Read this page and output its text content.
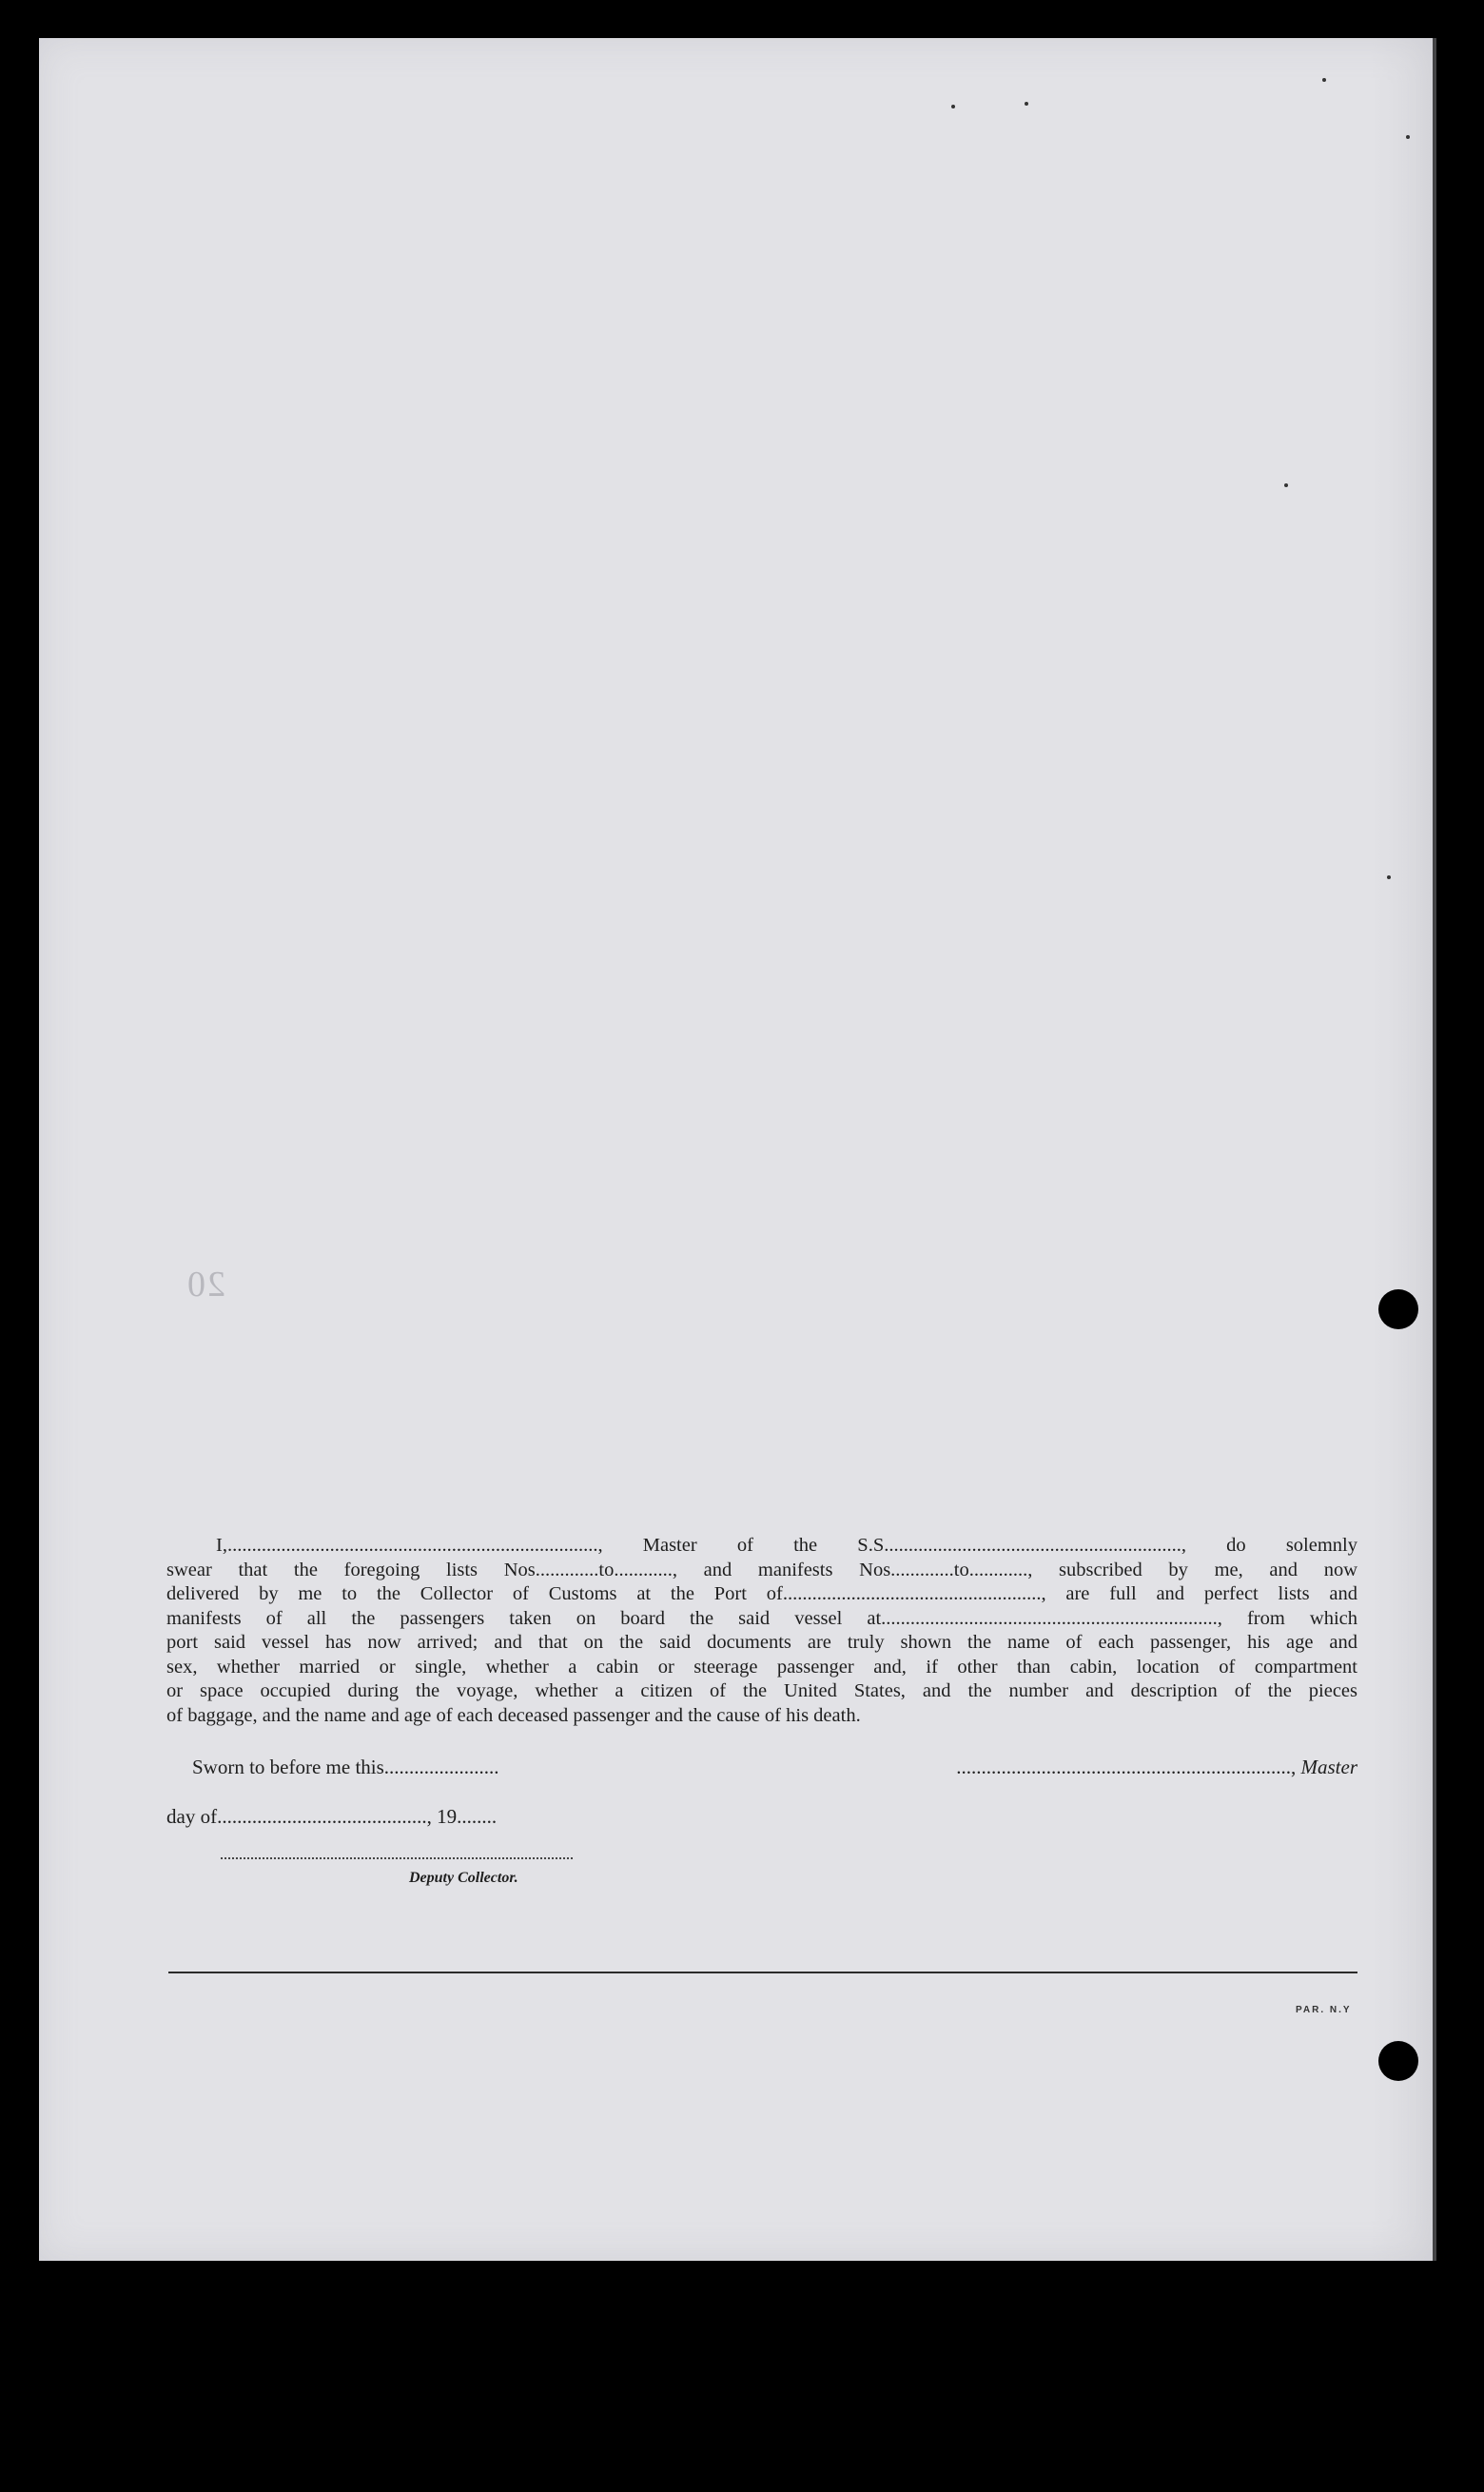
20

I,............................................................................, Master of the S.S............................................................., do solemnly

swear that the foregoing lists Nos.............to............, and manifests Nos.............to............, subscribed by me, and now

delivered by me to the Collector of Customs at the Port of....................................................., are full and perfect lists and

manifests of all the passengers taken on board the said vessel at....................................................................., from which

port said vessel has now arrived; and that on the said documents are truly shown the name of each passenger, his age and

sex, whether married or single, whether a cabin or steerage passenger and, if other than cabin, location of compartment

or space occupied during the voyage, whether a citizen of the United States, and the number and description of the pieces

of baggage, and the name and age of each deceased passenger and the cause of his death.

Sworn to before me this.......................	..................................................................., Master
day of.........................................., 19........
Deputy Collector.
PAR. N.Y
